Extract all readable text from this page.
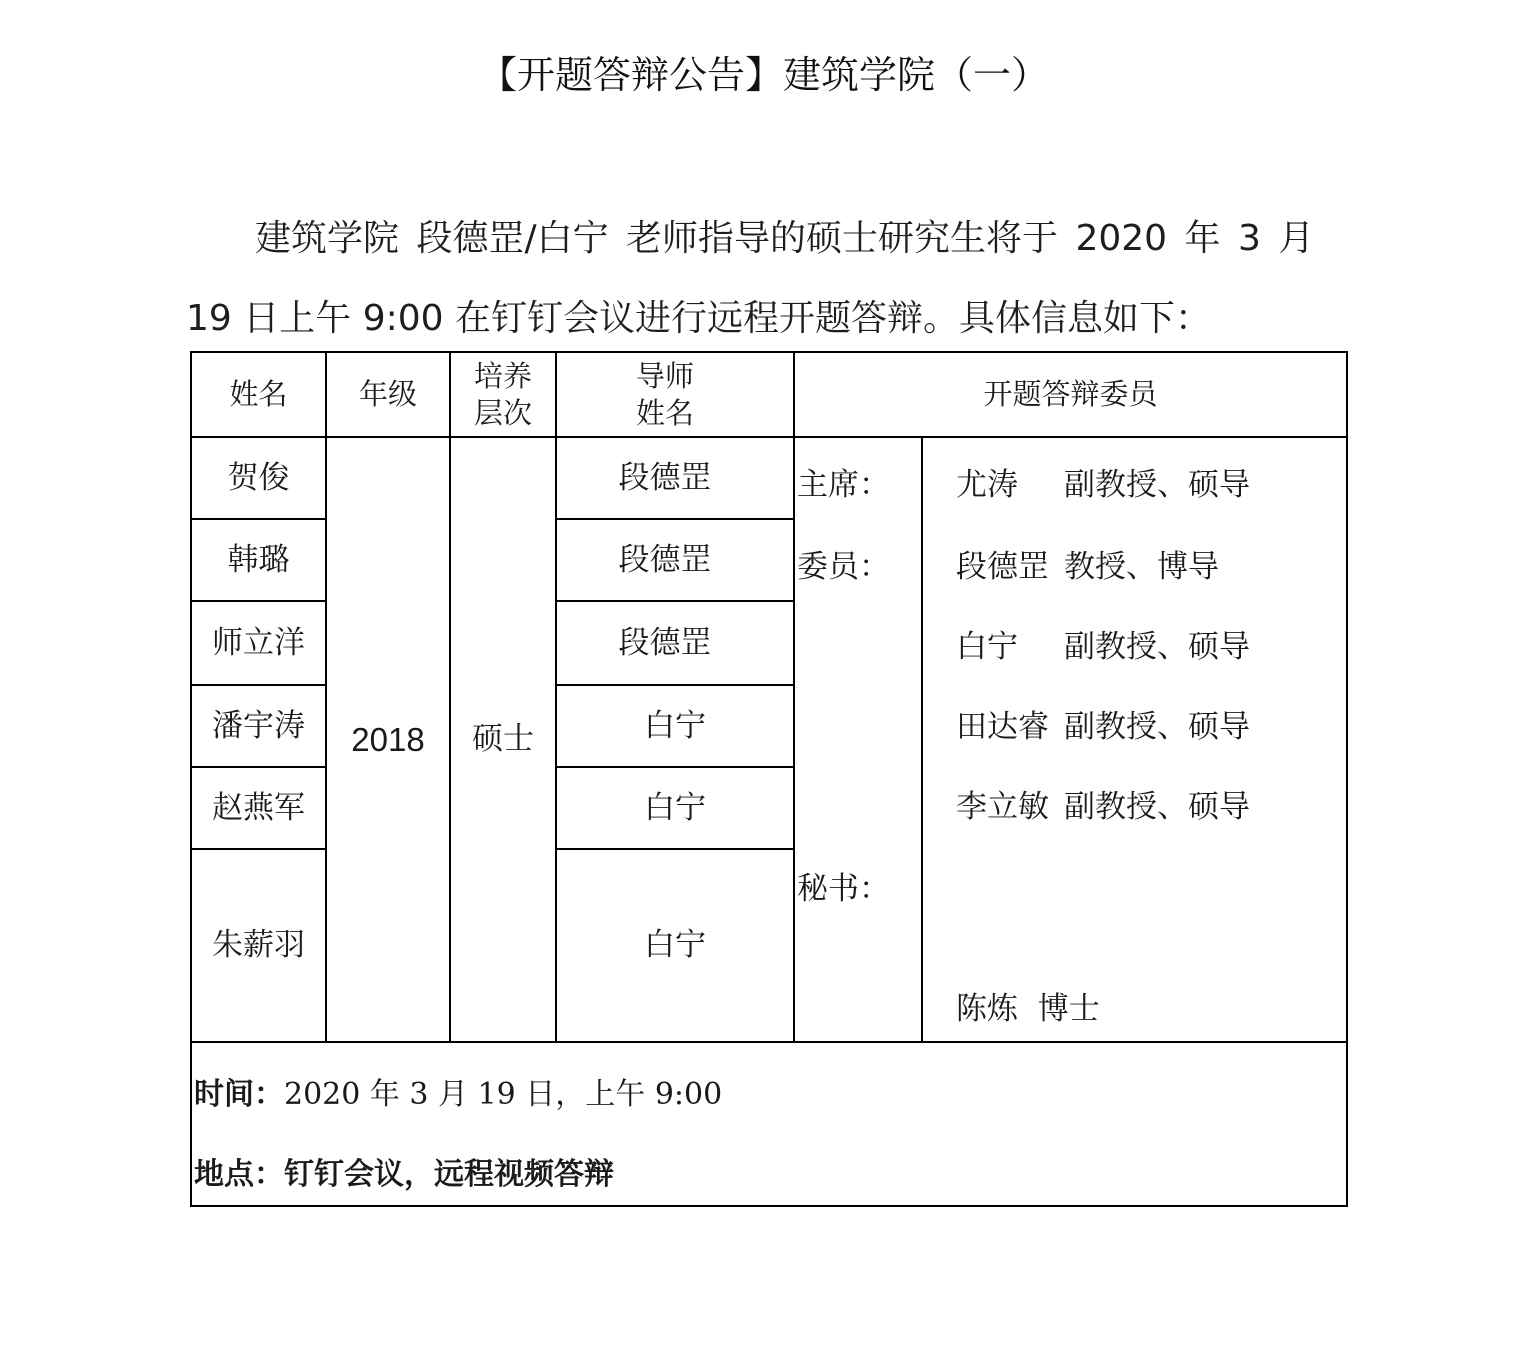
【开题答辩公告】建筑学院（一）
建筑学院 段德罡/白宁 老师指导的硕士研究生将于 2020 年 3 月
19 日上午 9:00 在钉钉会议进行远程开题答辩。具体信息如下：
姓名	年级
培养
层次
导师
姓名
开题答辩委员
贺俊
韩璐
师立洋
潘宇涛
赵燕军
朱薪羽
2018	硕士
段德罡
段德罡
段德罡
白宁
白宁
白宁
主席：
委员：
秘书：
尤涛 副教授、硕导
段德罡 教授、博导
白宁 副教授、硕导
田达睿 副教授、硕导
李立敏 副教授、硕导
陈炼 博士
时间：2020 年 3 月 19 日，上午 9:00
地点：钉钉会议，远程视频答辩
